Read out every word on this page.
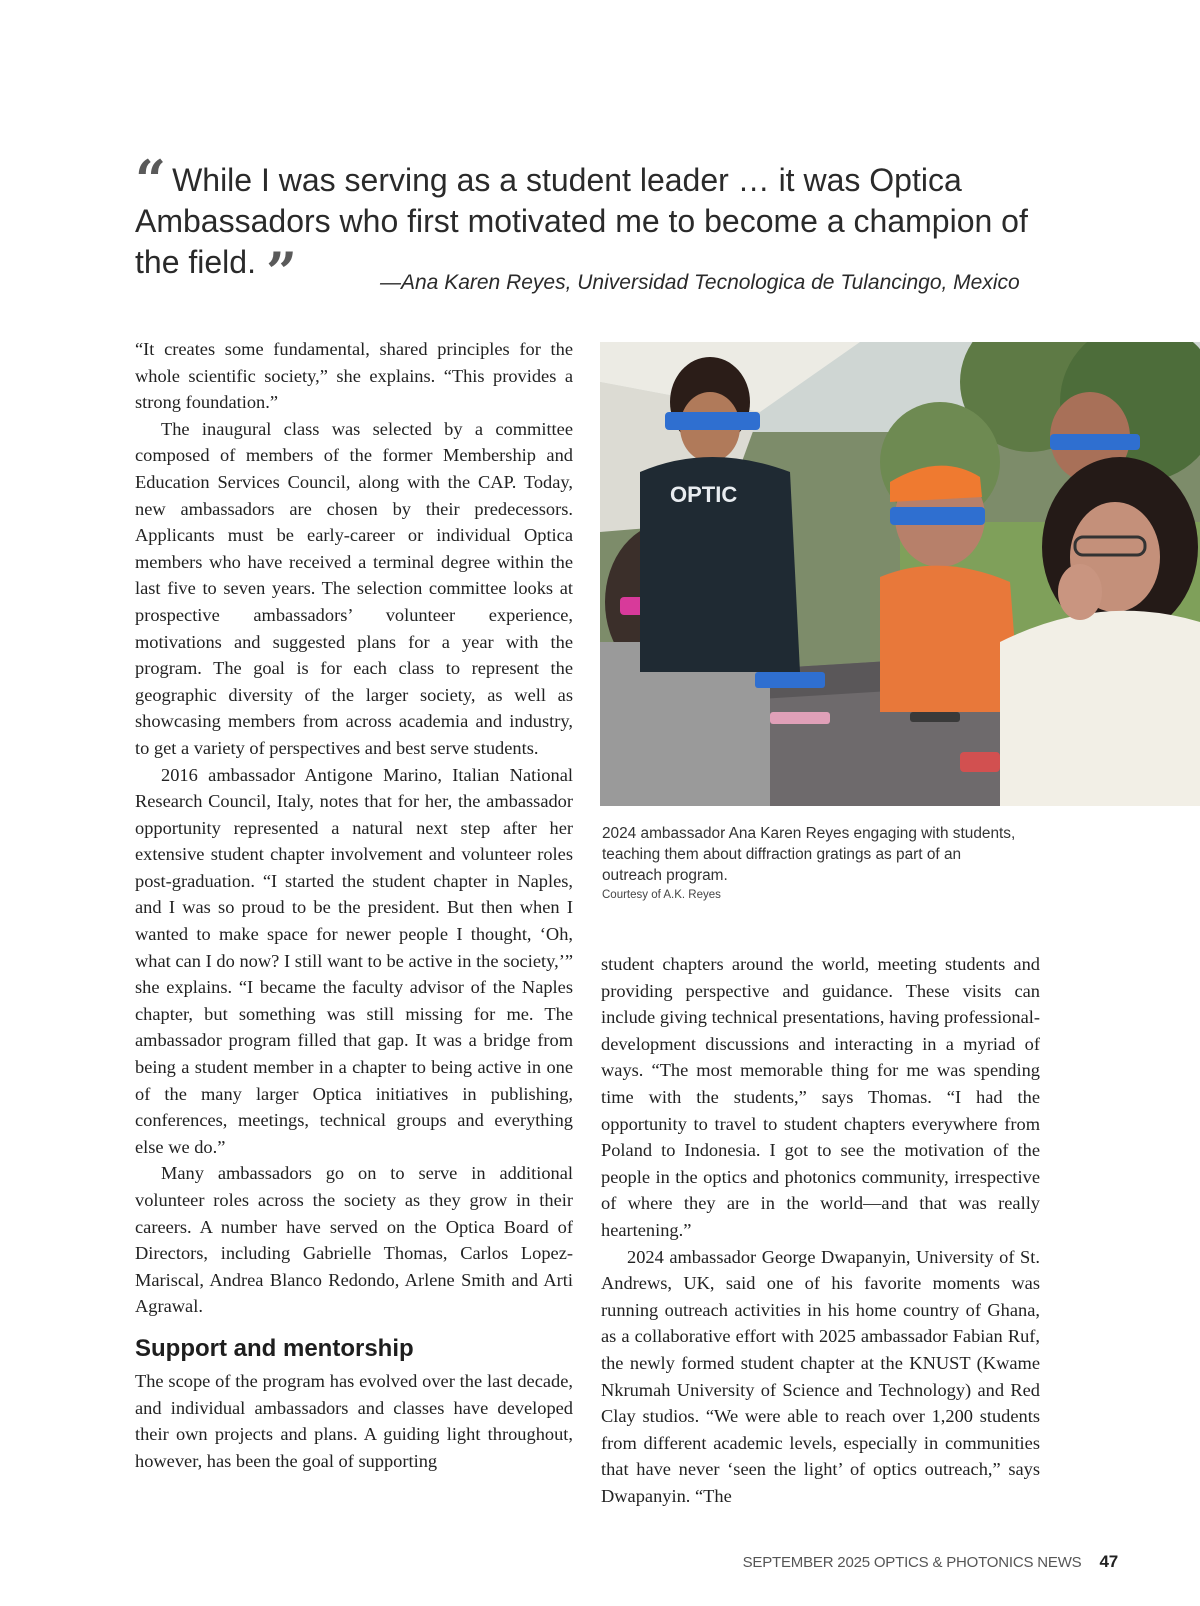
“ While I was serving as a student leader … it was Optica Ambassadors who first motivated me to become a champion of the field. ”	—Ana Karen Reyes, Universidad Tecnologica de Tulancingo, Mexico

“It creates some fundamental, shared principles for the whole scientific society,” she explains. “This provides a strong foundation.”

The inaugural class was selected by a committee composed of members of the former Membership and Education Services Council, along with the CAP. Today, new ambassadors are chosen by their predecessors. Applicants must be early-career or individual Optica members who have received a terminal degree within the last five to seven years. The selection committee looks at prospective ambassadors’ volunteer experience, motivations and suggested plans for a year with the program. The goal is for each class to represent the geographic diversity of the larger society, as well as showcasing members from across academia and industry, to get a variety of perspectives and best serve students.

2016 ambassador Antigone Marino, Italian National Research Council, Italy, notes that for her, the ambassador opportunity represented a natural next step after her extensive student chapter involvement and volunteer roles post-graduation. “I started the student chapter in Naples, and I was so proud to be the president. But then when I wanted to make space for newer people I thought, ‘Oh, what can I do now? I still want to be active in the society,’” she explains. “I became the faculty advisor of the Naples chapter, but something was still missing for me. The ambassador program filled that gap. It was a bridge from being a student member in a chapter to being active in one of the many larger Optica initiatives in publishing, conferences, meetings, technical groups and everything else we do.”

Many ambassadors go on to serve in additional volunteer roles across the society as they grow in their careers. A number have served on the Optica Board of Directors, including Gabrielle Thomas, Carlos Lopez-Mariscal, Andrea Blanco Redondo, Arlene Smith and Arti Agrawal.

Support and mentorship

The scope of the program has evolved over the last decade, and individual ambassadors and classes have developed their own projects and plans. A guiding light throughout, however, has been the goal of supporting

OPTIC
2024 ambassador Ana Karen Reyes engaging with students, teaching them about diffraction gratings as part of an outreach program.
Courtesy of A.K. Reyes

student chapters around the world, meeting students and providing perspective and guidance. These visits can include giving technical presentations, having professional-development discussions and interacting in a myriad of ways. “The most memorable thing for me was spending time with the students,” says Thomas. “I had the opportunity to travel to student chapters everywhere from Poland to Indonesia. I got to see the motivation of the people in the optics and photonics community, irrespective of where they are in the world—and that was really heartening.”

2024 ambassador George Dwapanyin, University of St. Andrews, UK, said one of his favorite moments was running outreach activities in his home country of Ghana, as a collaborative effort with 2025 ambassador Fabian Ruf, the newly formed student chapter at the KNUST (Kwame Nkrumah University of Science and Technology) and Red Clay studios. “We were able to reach over 1,200 students from different academic levels, especially in communities that have never ‘seen the light’ of optics outreach,” says Dwapanyin. “The

SEPTEMBER 2025 OPTICS & PHOTONICS NEWS 47
